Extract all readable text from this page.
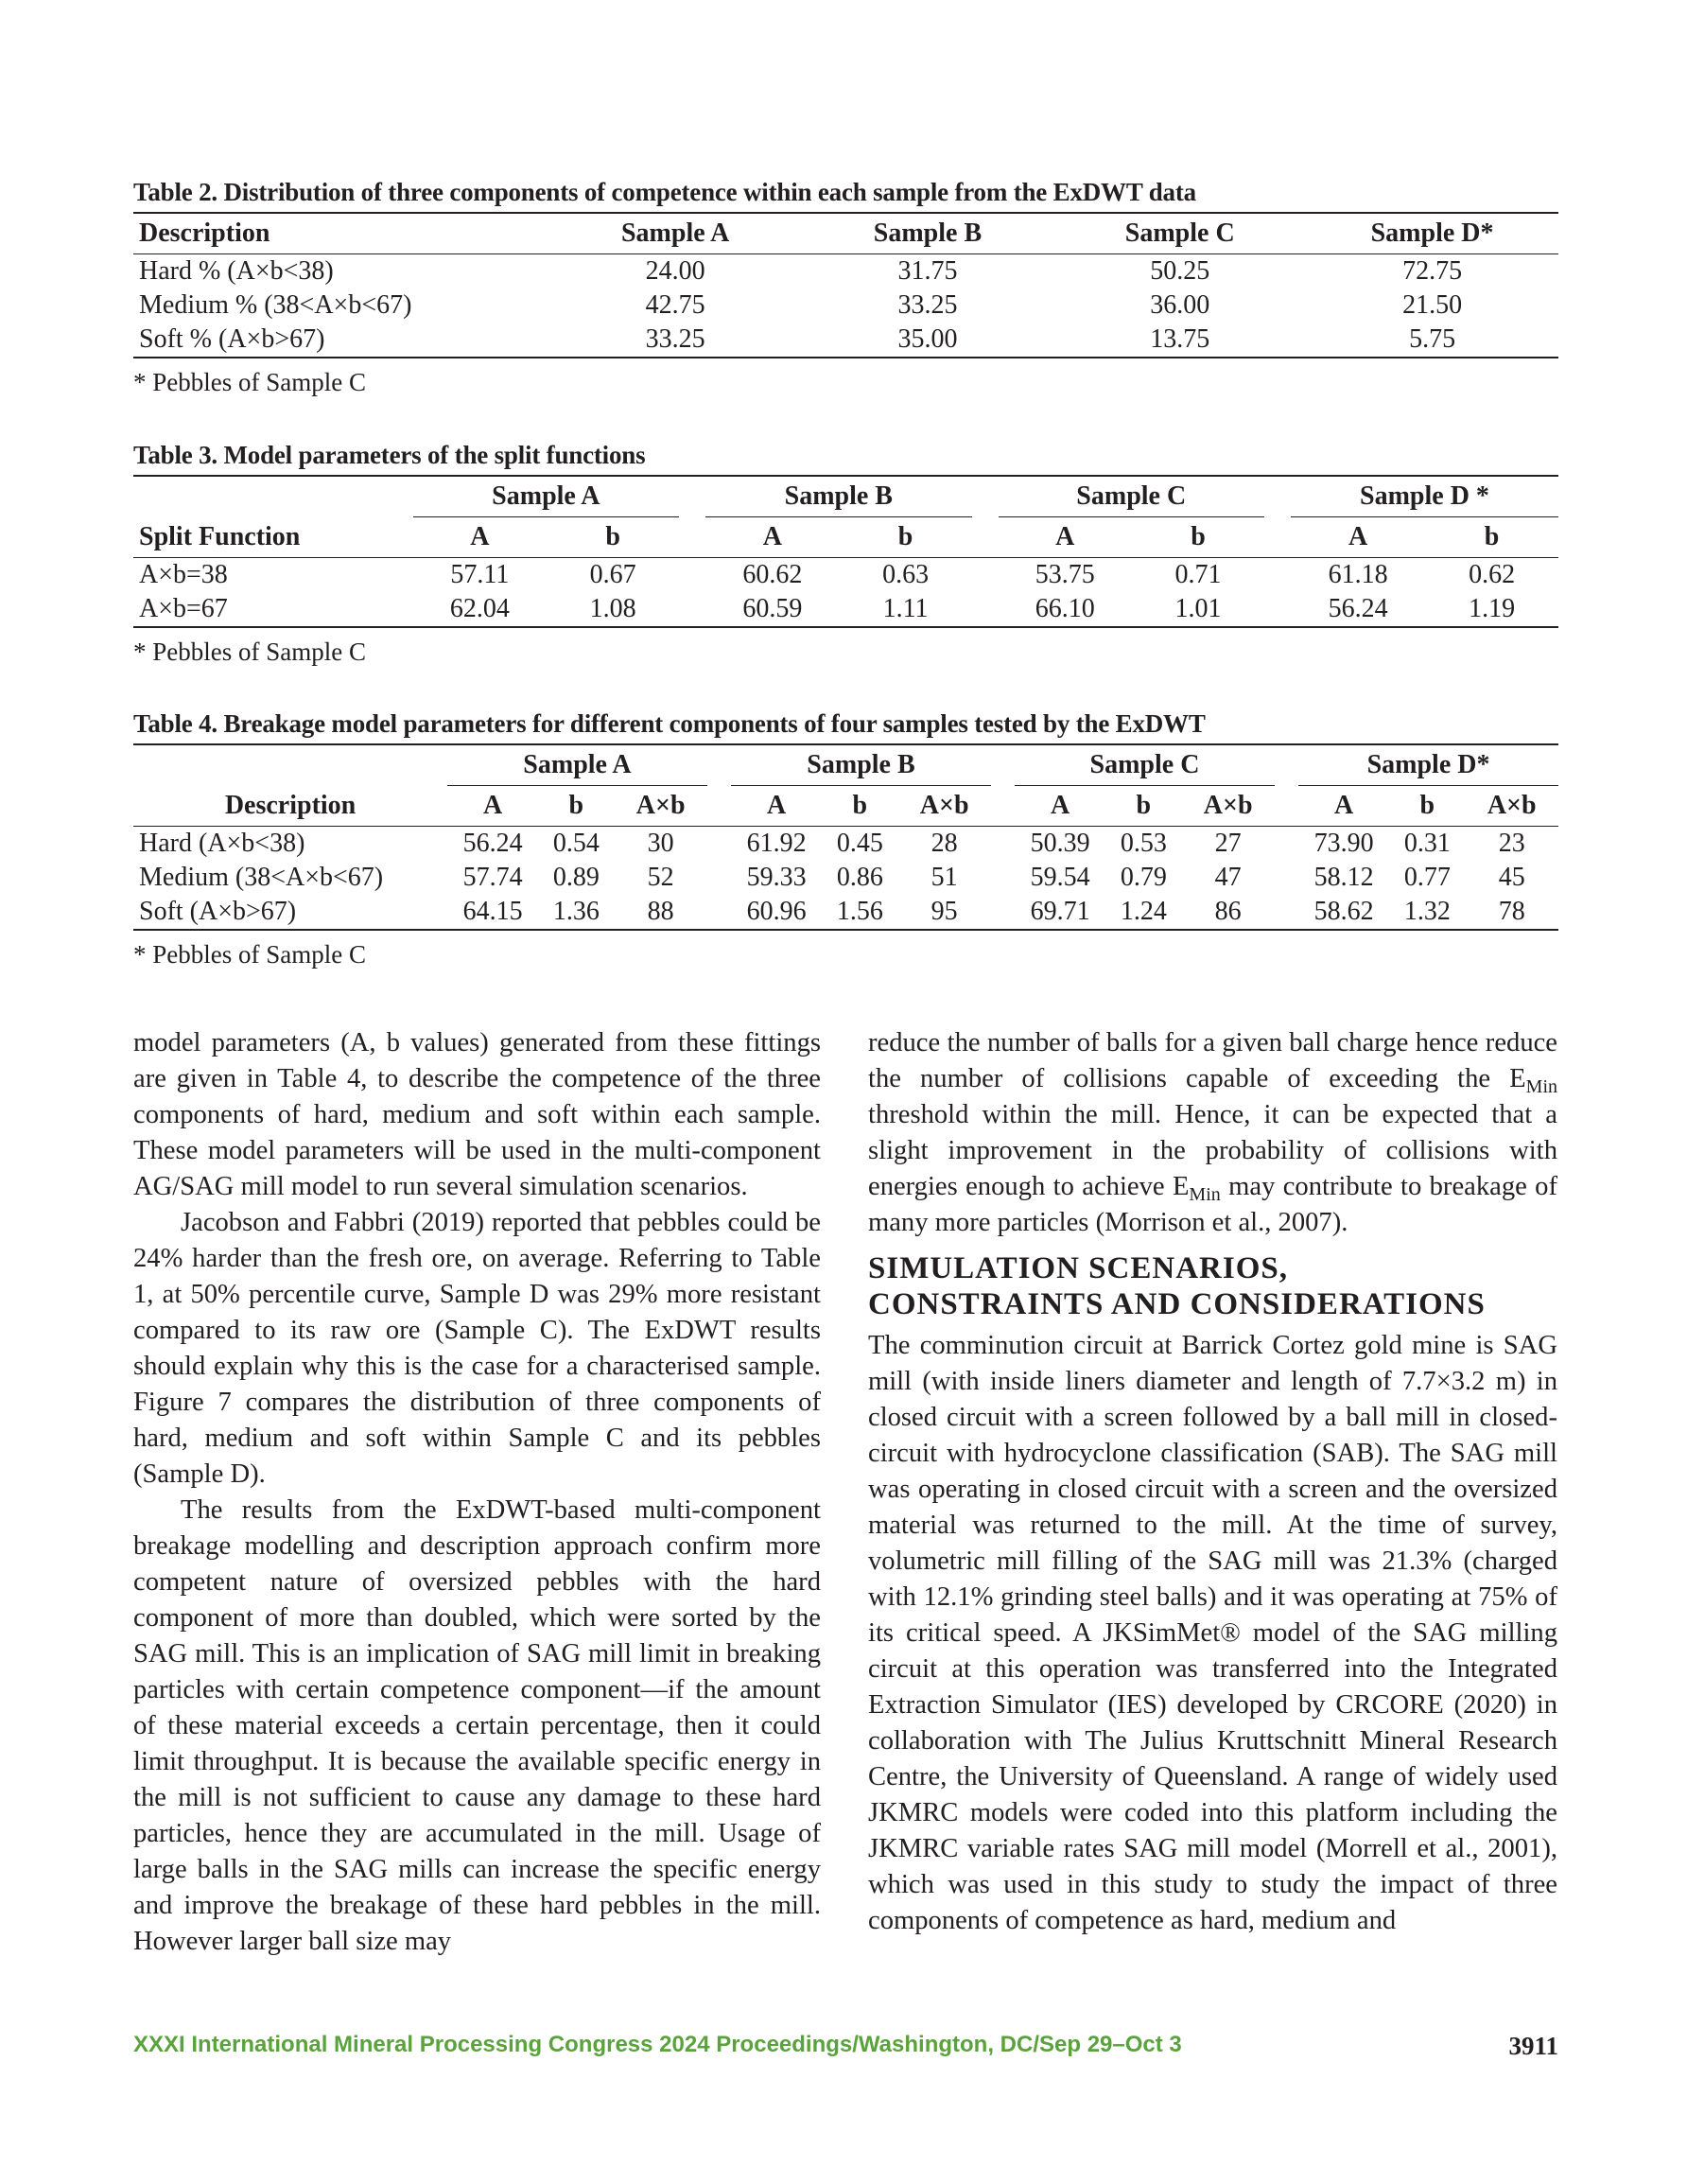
Table 2. Distribution of three components of competence within each sample from the ExDWT data
Description	Sample A	Sample B	Sample C	Sample D*
Hard % (A×b<38)	24.00	31.75	50.25	72.75
Medium % (38<A×b<67)	42.75	33.25	36.00	21.50
Soft % (A×b>67)	33.25	35.00	13.75	5.75
* Pebbles of Sample C
Table 3. Model parameters of the split functions
	Sample A			Sample B			Sample C			Sample D *	
Split Function	A	b		A	b		A	b		A	b
A×b=38	57.11	0.67		60.62	0.63		53.75	0.71		61.18	0.62
A×b=67	62.04	1.08		60.59	1.11		66.10	1.01		56.24	1.19
* Pebbles of Sample C
Table 4. Breakage model parameters for different components of four samples tested by the ExDWT
	Sample A				Sample B				Sample C				Sample D*		
Description	A	b	A×b		A	b	A×b		A	b	A×b		A	b	A×b
Hard (A×b<38)	56.24	0.54	30		61.92	0.45	28		50.39	0.53	27		73.90	0.31	23
Medium (38<A×b<67)	57.74	0.89	52		59.33	0.86	51		59.54	0.79	47		58.12	0.77	45
Soft (A×b>67)	64.15	1.36	88		60.96	1.56	95		69.71	1.24	86		58.62	1.32	78
* Pebbles of Sample C

model parameters (A, b values) generated from these fittings are given in Table 4, to describe the competence of the three components of hard, medium and soft within each sample. These model parameters will be used in the multi-component AG/SAG mill model to run several simulation scenarios.

Jacobson and Fabbri (2019) reported that pebbles could be 24% harder than the fresh ore, on average. Referring to Table 1, at 50% percentile curve, Sample D was 29% more resistant compared to its raw ore (Sample C). The ExDWT results should explain why this is the case for a characterised sample. Figure 7 compares the distribution of three components of hard, medium and soft within Sample C and its pebbles (Sample D).

The results from the ExDWT-based multi-component breakage modelling and description approach confirm more competent nature of oversized pebbles with the hard component of more than doubled, which were sorted by the SAG mill. This is an implication of SAG mill limit in breaking particles with certain competence component—if the amount of these material exceeds a certain percentage, then it could limit throughput. It is because the available specific energy in the mill is not sufficient to cause any damage to these hard particles, hence they are accumulated in the mill. Usage of large balls in the SAG mills can increase the specific energy and improve the breakage of these hard pebbles in the mill. However larger ball size may

reduce the number of balls for a given ball charge hence reduce the number of collisions capable of exceeding the $E_{Min}$ threshold within the mill. Hence, it can be expected that a slight improvement in the probability of collisions with energies enough to achieve $E_{Min}$ may contribute to breakage of many more particles (Morrison et al., 2007).

SIMULATION SCENARIOS,
CONSTRAINTS AND CONSIDERATIONS

The comminution circuit at Barrick Cortez gold mine is SAG mill (with inside liners diameter and length of 7.7×3.2 m) in closed circuit with a screen followed by a ball mill in closed-circuit with hydrocyclone classification (SAB). The SAG mill was operating in closed circuit with a screen and the oversized material was returned to the mill. At the time of survey, volumetric mill filling of the SAG mill was 21.3% (charged with 12.1% grinding steel balls) and it was operating at 75% of its critical speed. A JKSimMet® model of the SAG milling circuit at this operation was transferred into the Integrated Extraction Simulator (IES) developed by CRCORE (2020) in collaboration with The Julius Kruttschnitt Mineral Research Centre, the University of Queensland. A range of widely used JKMRC models were coded into this platform including the JKMRC variable rates SAG mill model (Morrell et al., 2001), which was used in this study to study the impact of three components of competence as hard, medium and

XXXI International Mineral Processing Congress 2024 Proceedings/Washington, DC/Sep 29–Oct 3	3911
